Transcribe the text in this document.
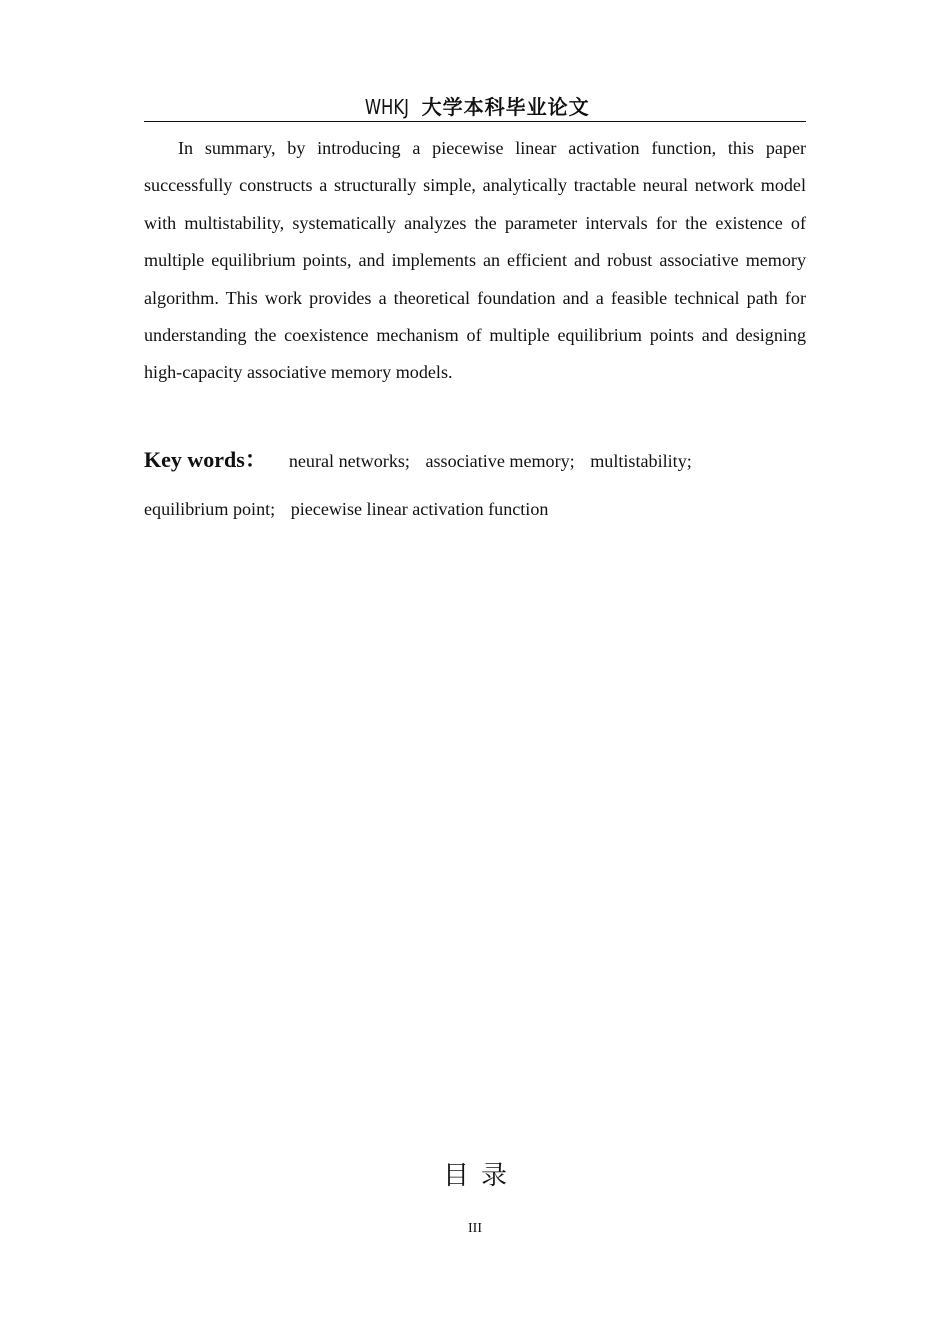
WHKJ 大学本科毕业论文

In summary, by introducing a piecewise linear activation function, this paper successfully constructs a structurally simple, analytically tractable neural network model with multistability, systematically analyzes the parameter intervals for the existence of multiple equilibrium points, and implements an efficient and robust associative memory algorithm. This work provides a theoretical foundation and a feasible technical path for understanding the coexistence mechanism of multiple equilibrium points and designing high-capacity associative memory models.

Key words： neural networks; associative memory; multistability;
equilibrium point; piecewise linear activation function
目录
III
